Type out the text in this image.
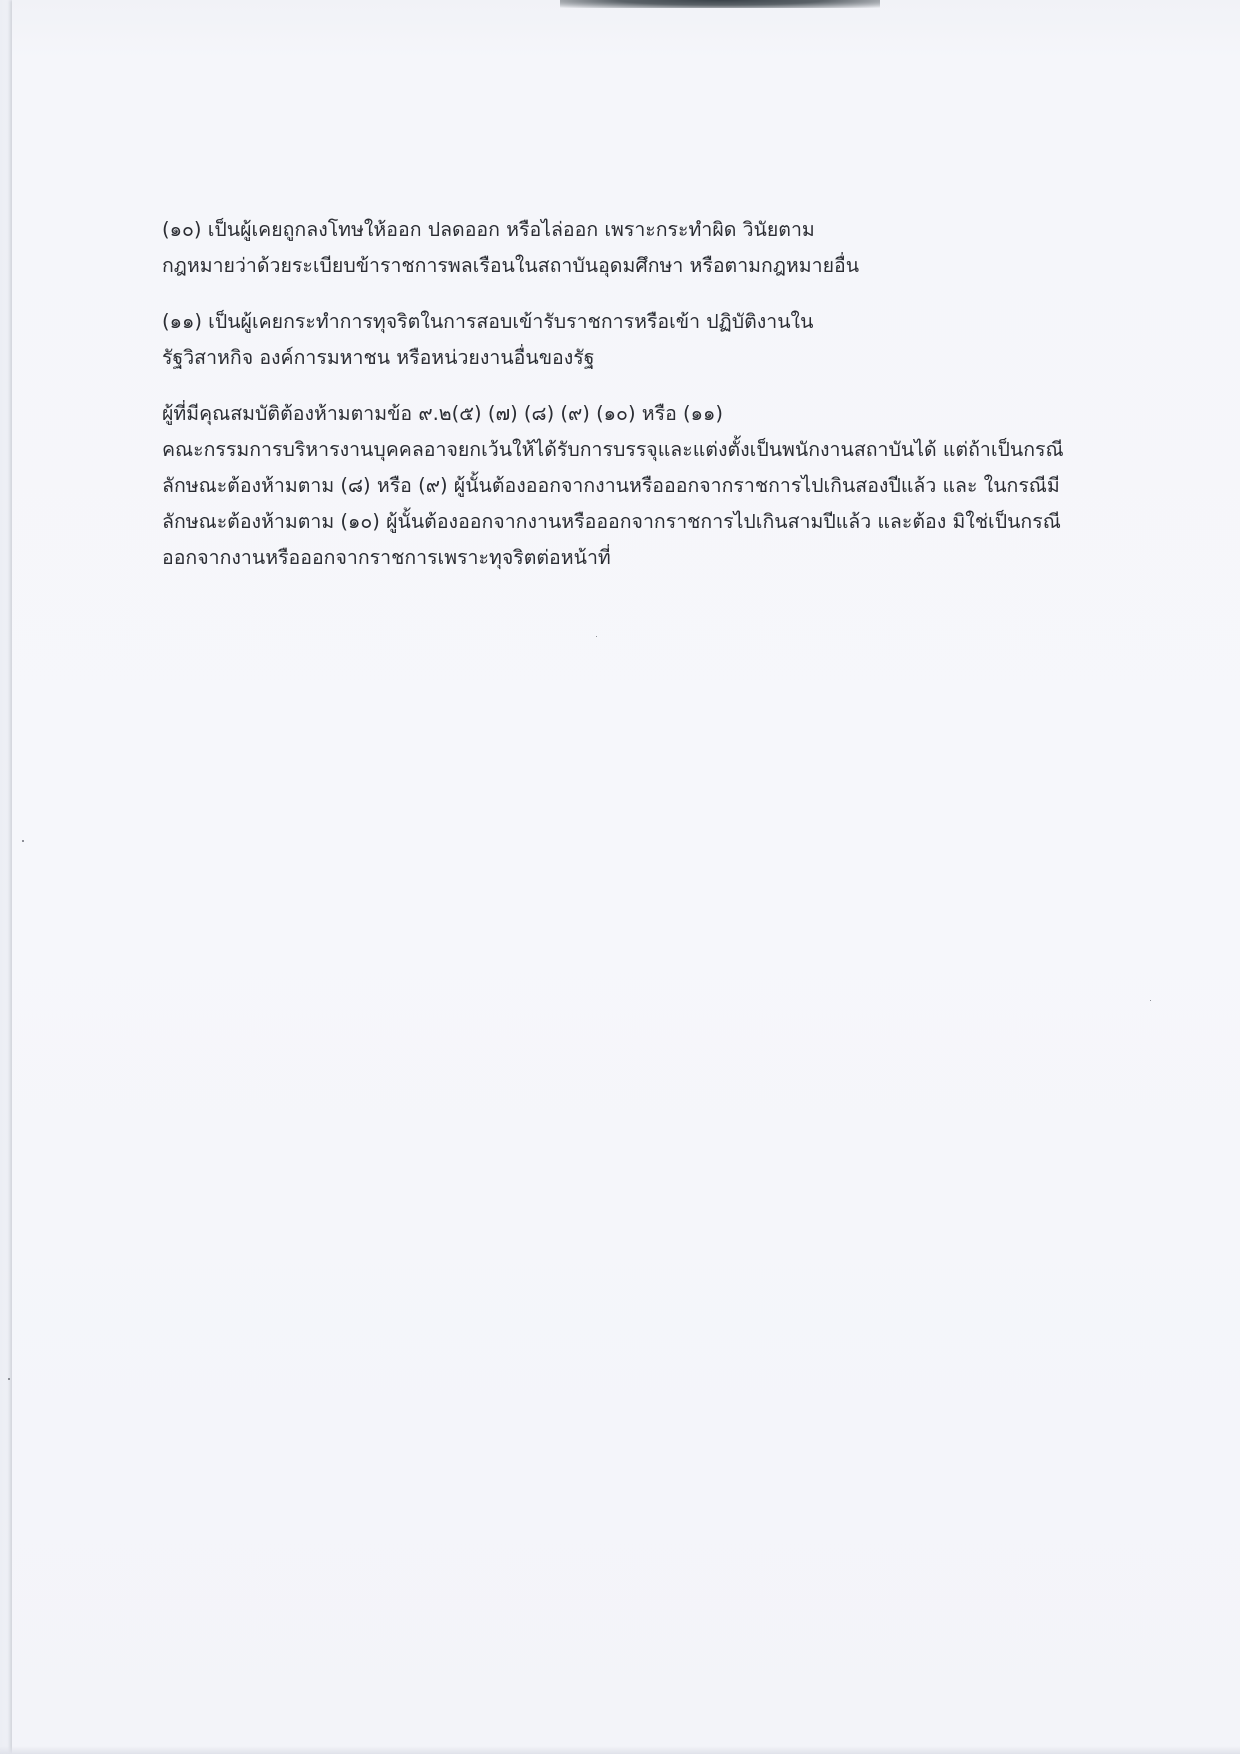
(๑๐) เป็นผู้เคยถูกลงโทษให้ออก ปลดออก หรือไล่ออก เพราะกระทำผิด วินัยตาม
กฎหมายว่าด้วยระเบียบข้าราชการพลเรือนในสถาบันอุดมศึกษา หรือตามกฎหมายอื่น
(๑๑) เป็นผู้เคยกระทำการทุจริตในการสอบเข้ารับราชการหรือเข้า ปฏิบัติงานใน
รัฐวิสาหกิจ องค์การมหาชน หรือหน่วยงานอื่นของรัฐ
ผู้ที่มีคุณสมบัติต้องห้ามตามข้อ ๙.๒(๕) (๗) (๘) (๙) (๑๐) หรือ (๑๑)
คณะกรรมการบริหารงานบุคคลอาจยกเว้นให้ได้รับการบรรจุและแต่งตั้งเป็นพนักงานสถาบันได้ แต่ถ้าเป็นกรณี
ลักษณะต้องห้ามตาม (๘) หรือ (๙) ผู้นั้นต้องออกจากงานหรือออกจากราชการไปเกินสองปีแล้ว และ ในกรณีมี
ลักษณะต้องห้ามตาม (๑๐) ผู้นั้นต้องออกจากงานหรือออกจากราชการไปเกินสามปีแล้ว และต้อง มิใช่เป็นกรณี
ออกจากงานหรือออกจากราชการเพราะทุจริตต่อหน้าที่
